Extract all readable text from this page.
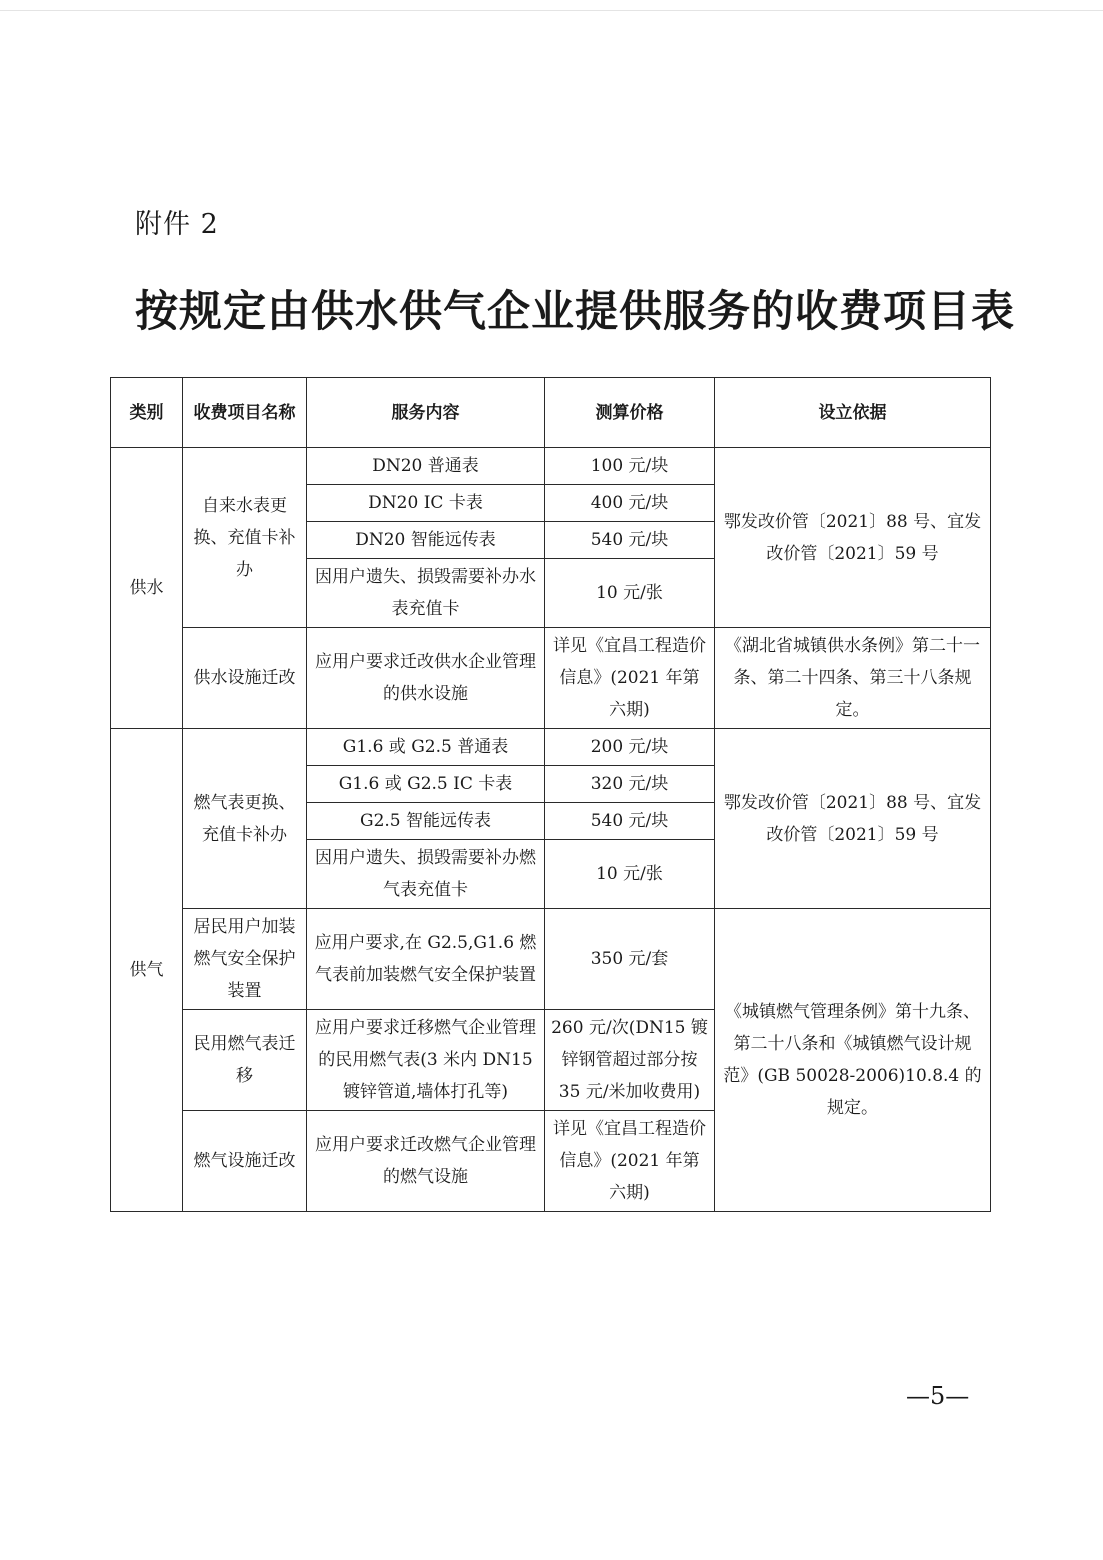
附件 2
按规定由供水供气企业提供服务的收费项目表
类别	收费项目名称	服务内容	测算价格	设立依据
供水	自来水表更换、充值卡补办	DN20 普通表	100 元/块	鄂发改价管〔2021〕88 号、宜发改价管〔2021〕59 号
		DN20 IC 卡表	400 元/块	
		DN20 智能远传表	540 元/块	
		因用户遗失、损毁需要补办水表充值卡	10 元/张	
	供水设施迁改	应用户要求迁改供水企业管理的供水设施	详见《宜昌工程造价信息》(2021 年第六期)	《湖北省城镇供水条例》第二十一条、第二十四条、第三十八条规定。
供气	燃气表更换、充值卡补办	G1.6 或 G2.5 普通表	200 元/块	鄂发改价管〔2021〕88 号、宜发改价管〔2021〕59 号
		G1.6 或 G2.5 IC 卡表	320 元/块	
		G2.5 智能远传表	540 元/块	
		因用户遗失、损毁需要补办燃气表充值卡	10 元/张	
	居民用户加装燃气安全保护装置	应用户要求,在 G2.5,G1.6 燃气表前加装燃气安全保护装置	350 元/套	《城镇燃气管理条例》第十九条、第二十八条和《城镇燃气设计规范》(GB 50028-2006)10.8.4 的规定。
	民用燃气表迁移	应用户要求迁移燃气企业管理的民用燃气表(3 米内 DN15 镀锌管道,墙体打孔等)	260 元/次(DN15 镀锌钢管超过部分按 35 元/米加收费用)	
	燃气设施迁改	应用户要求迁改燃气企业管理的燃气设施	详见《宜昌工程造价信息》(2021 年第六期)	
—5—
